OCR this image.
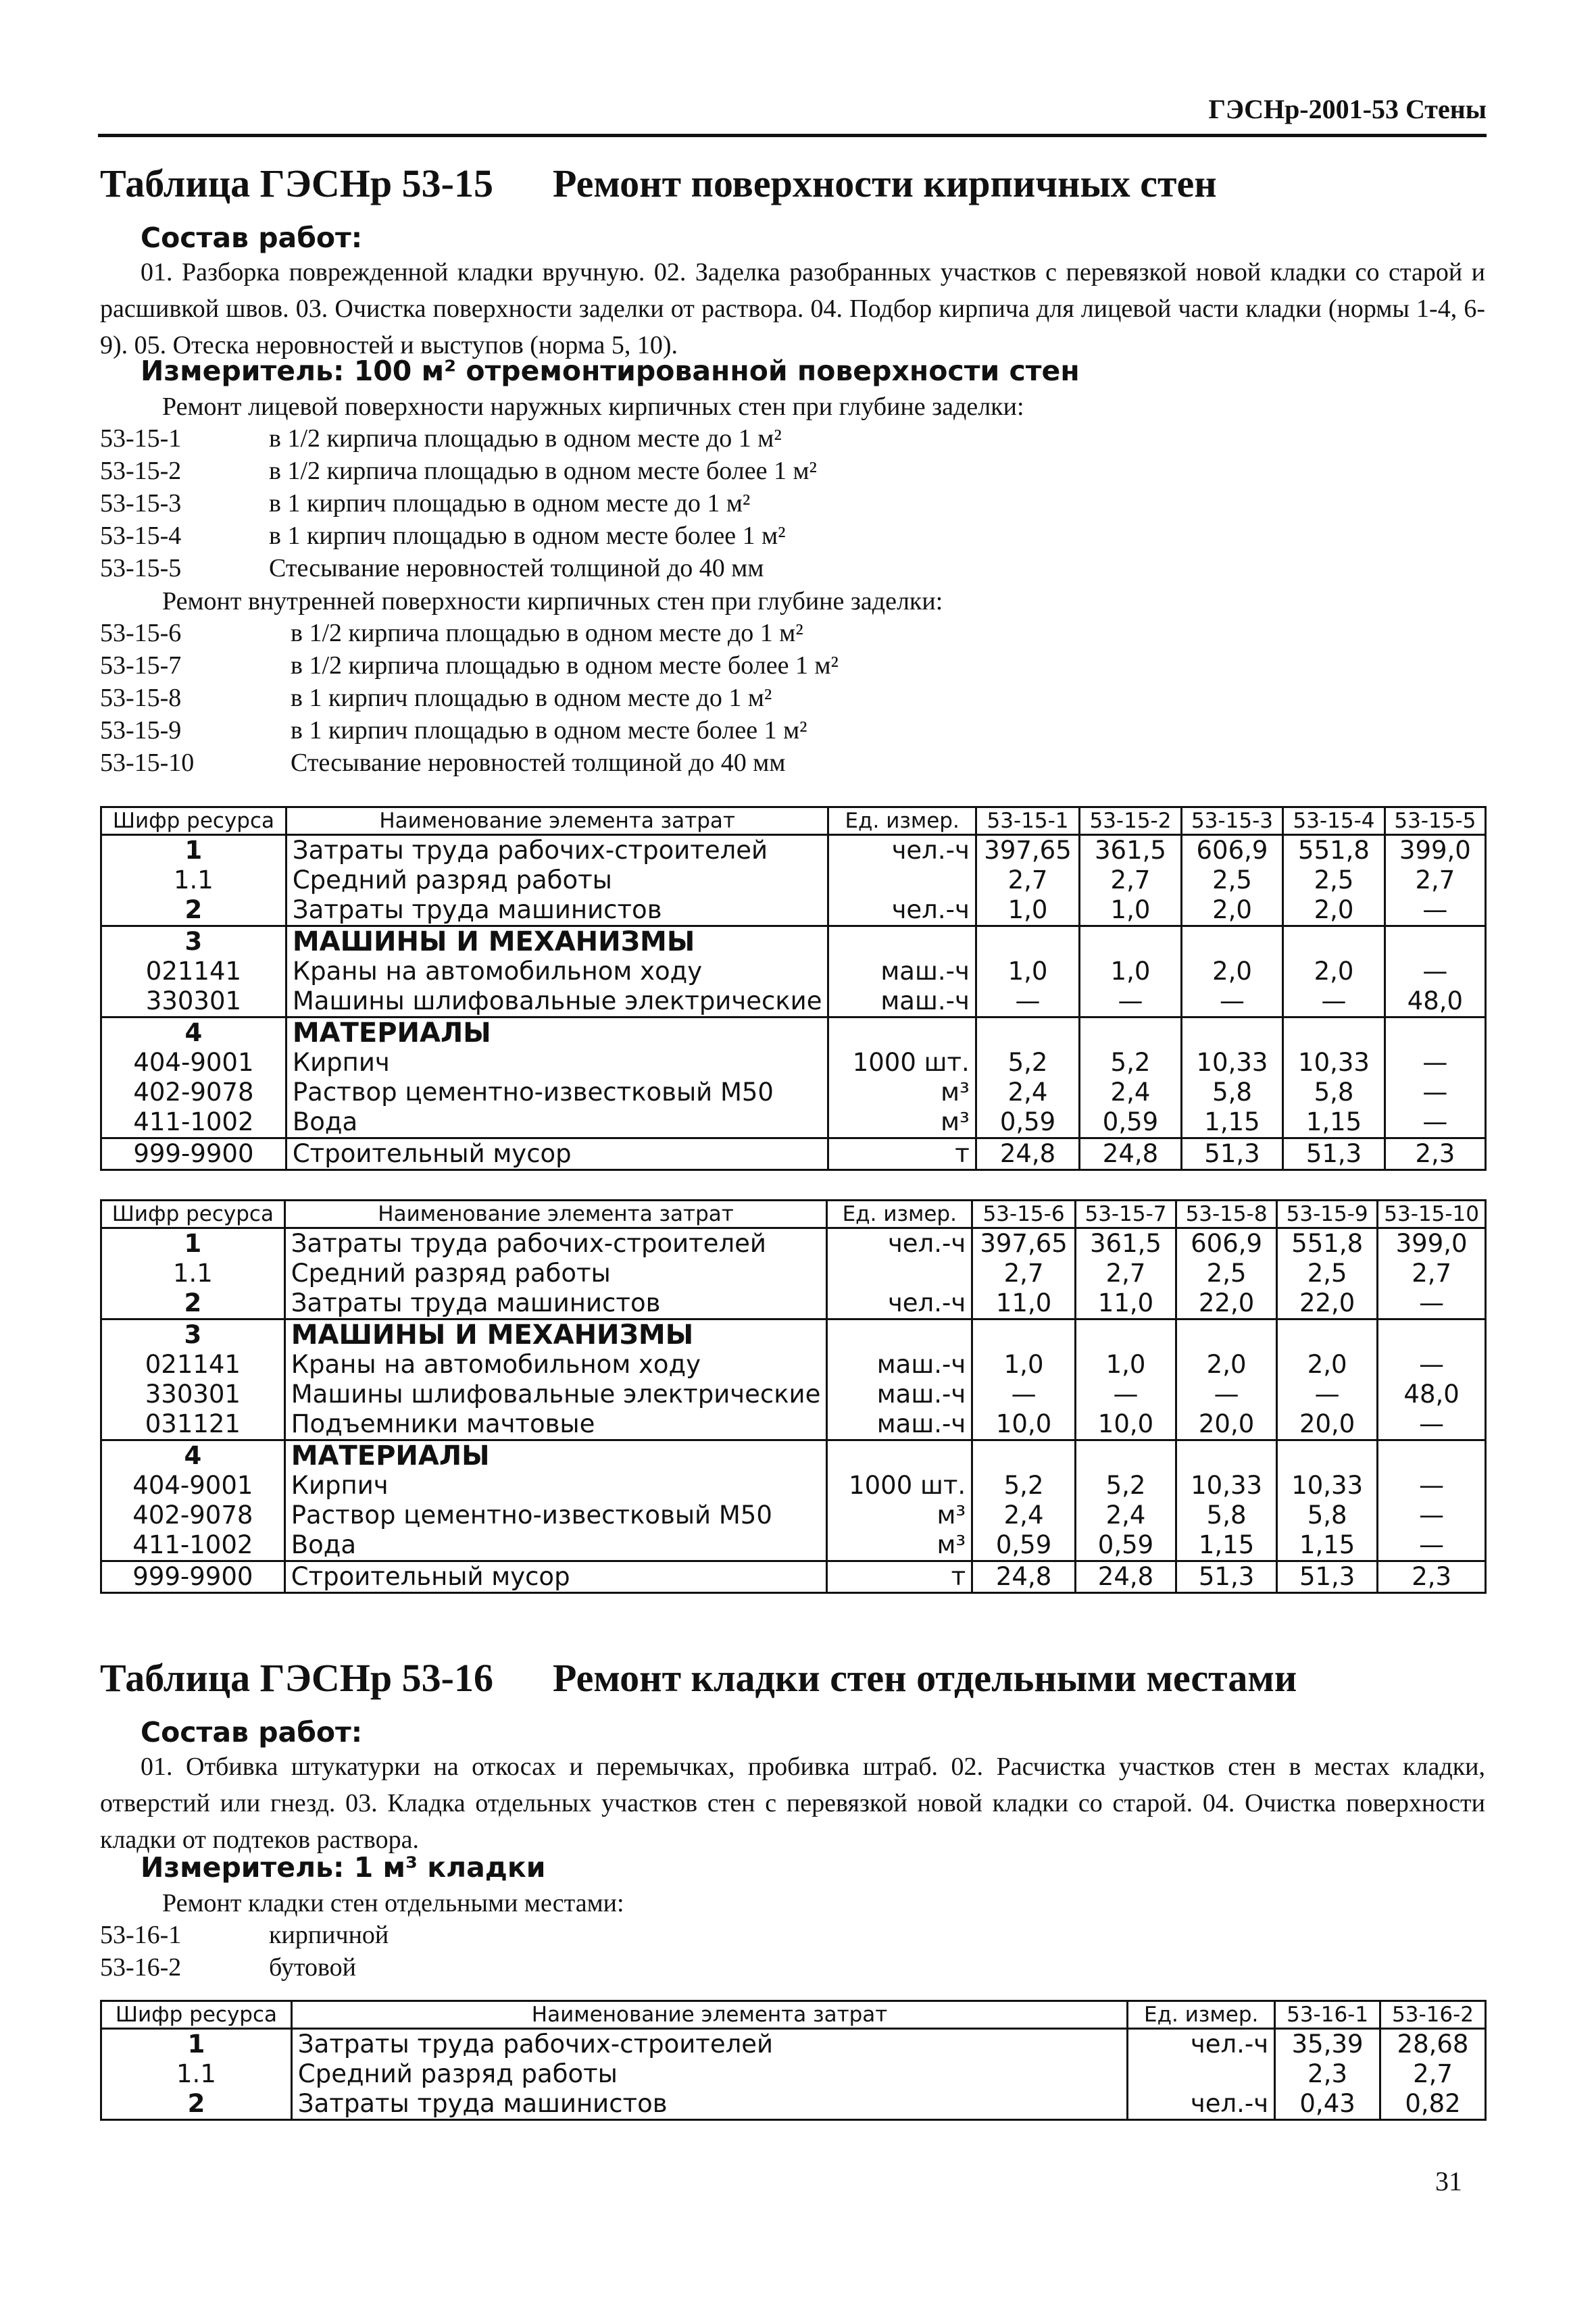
ГЭСНр-2001-53 Стены
Таблица ГЭСНр 53-15 Ремонт поверхности кирпичных стен
Состав работ:

01. Разборка поврежденной кладки вручную. 02. Заделка разобранных участков с перевязкой новой кладки со старой и расшивкой швов. 03. Очистка поверхности заделки от раствора. 04. Подбор кирпича для лицевой части кладки (нормы 1-4, 6-9). 05. Отеска неровностей и выступов (норма 5, 10).

Измеритель: 100 м² отремонтированной поверхности стен
Ремонт лицевой поверхности наружных кирпичных стен при глубине заделки:
53-15-1	в 1/2 кирпича площадью в одном месте до 1 м²
53-15-2	в 1/2 кирпича площадью в одном месте более 1 м²
53-15-3	в 1 кирпич площадью в одном месте до 1 м²
53-15-4	в 1 кирпич площадью в одном месте более 1 м²
53-15-5	Стесывание неровностей толщиной до 40 мм
Ремонт внутренней поверхности кирпичных стен при глубине заделки:
53-15-6	в 1/2 кирпича площадью в одном месте до 1 м²
53-15-7	в 1/2 кирпича площадью в одном месте более 1 м²
53-15-8	в 1 кирпич площадью в одном месте до 1 м²
53-15-9	в 1 кирпич площадью в одном месте более 1 м²
53-15-10	Стесывание неровностей толщиной до 40 мм
Шифр ресурса	Наименование элемента затрат	Ед. измер.	53-15-1	53-15-2	53-15-3	53-15-4	53-15-5
1	Затраты труда рабочих-строителей	чел.-ч	397,65	361,5	606,9	551,8	399,0
1.1	Средний разряд работы		2,7	2,7	2,5	2,5	2,7
2	Затраты труда машинистов	чел.-ч	1,0	1,0	2,0	2,0	—
3	МАШИНЫ И МЕХАНИЗМЫ						
021141	Краны на автомобильном ходу	маш.-ч	1,0	1,0	2,0	2,0	—
330301	Машины шлифовальные электрические	маш.-ч	—	—	—	—	48,0
4	МАТЕРИАЛЫ						
404-9001	Кирпич	1000 шт.	5,2	5,2	10,33	10,33	—
402-9078	Раствор цементно-известковый М50	м³	2,4	2,4	5,8	5,8	—
411-1002	Вода	м³	0,59	0,59	1,15	1,15	—
999-9900	Строительный мусор	т	24,8	24,8	51,3	51,3	2,3
Шифр ресурса	Наименование элемента затрат	Ед. измер.	53-15-6	53-15-7	53-15-8	53-15-9	53-15-10
1	Затраты труда рабочих-строителей	чел.-ч	397,65	361,5	606,9	551,8	399,0
1.1	Средний разряд работы		2,7	2,7	2,5	2,5	2,7
2	Затраты труда машинистов	чел.-ч	11,0	11,0	22,0	22,0	—
3	МАШИНЫ И МЕХАНИЗМЫ						
021141	Краны на автомобильном ходу	маш.-ч	1,0	1,0	2,0	2,0	—
330301	Машины шлифовальные электрические	маш.-ч	—	—	—	—	48,0
031121	Подъемники мачтовые	маш.-ч	10,0	10,0	20,0	20,0	—
4	МАТЕРИАЛЫ						
404-9001	Кирпич	1000 шт.	5,2	5,2	10,33	10,33	—
402-9078	Раствор цементно-известковый М50	м³	2,4	2,4	5,8	5,8	—
411-1002	Вода	м³	0,59	0,59	1,15	1,15	—
999-9900	Строительный мусор	т	24,8	24,8	51,3	51,3	2,3
Таблица ГЭСНр 53-16 Ремонт кладки стен отдельными местами
Состав работ:

01. Отбивка штукатурки на откосах и перемычках, пробивка штраб. 02. Расчистка участков стен в местах кладки, отверстий или гнезд. 03. Кладка отдельных участков стен с перевязкой новой кладки со старой. 04. Очистка поверхности кладки от подтеков раствора.

Измеритель: 1 м³ кладки
Ремонт кладки стен отдельными местами:
53-16-1	кирпичной
53-16-2	бутовой
Шифр ресурса	Наименование элемента затрат	Ед. измер.	53-16-1	53-16-2
1	Затраты труда рабочих-строителей	чел.-ч	35,39	28,68
1.1	Средний разряд работы		2,3	2,7
2	Затраты труда машинистов	чел.-ч	0,43	0,82
31
